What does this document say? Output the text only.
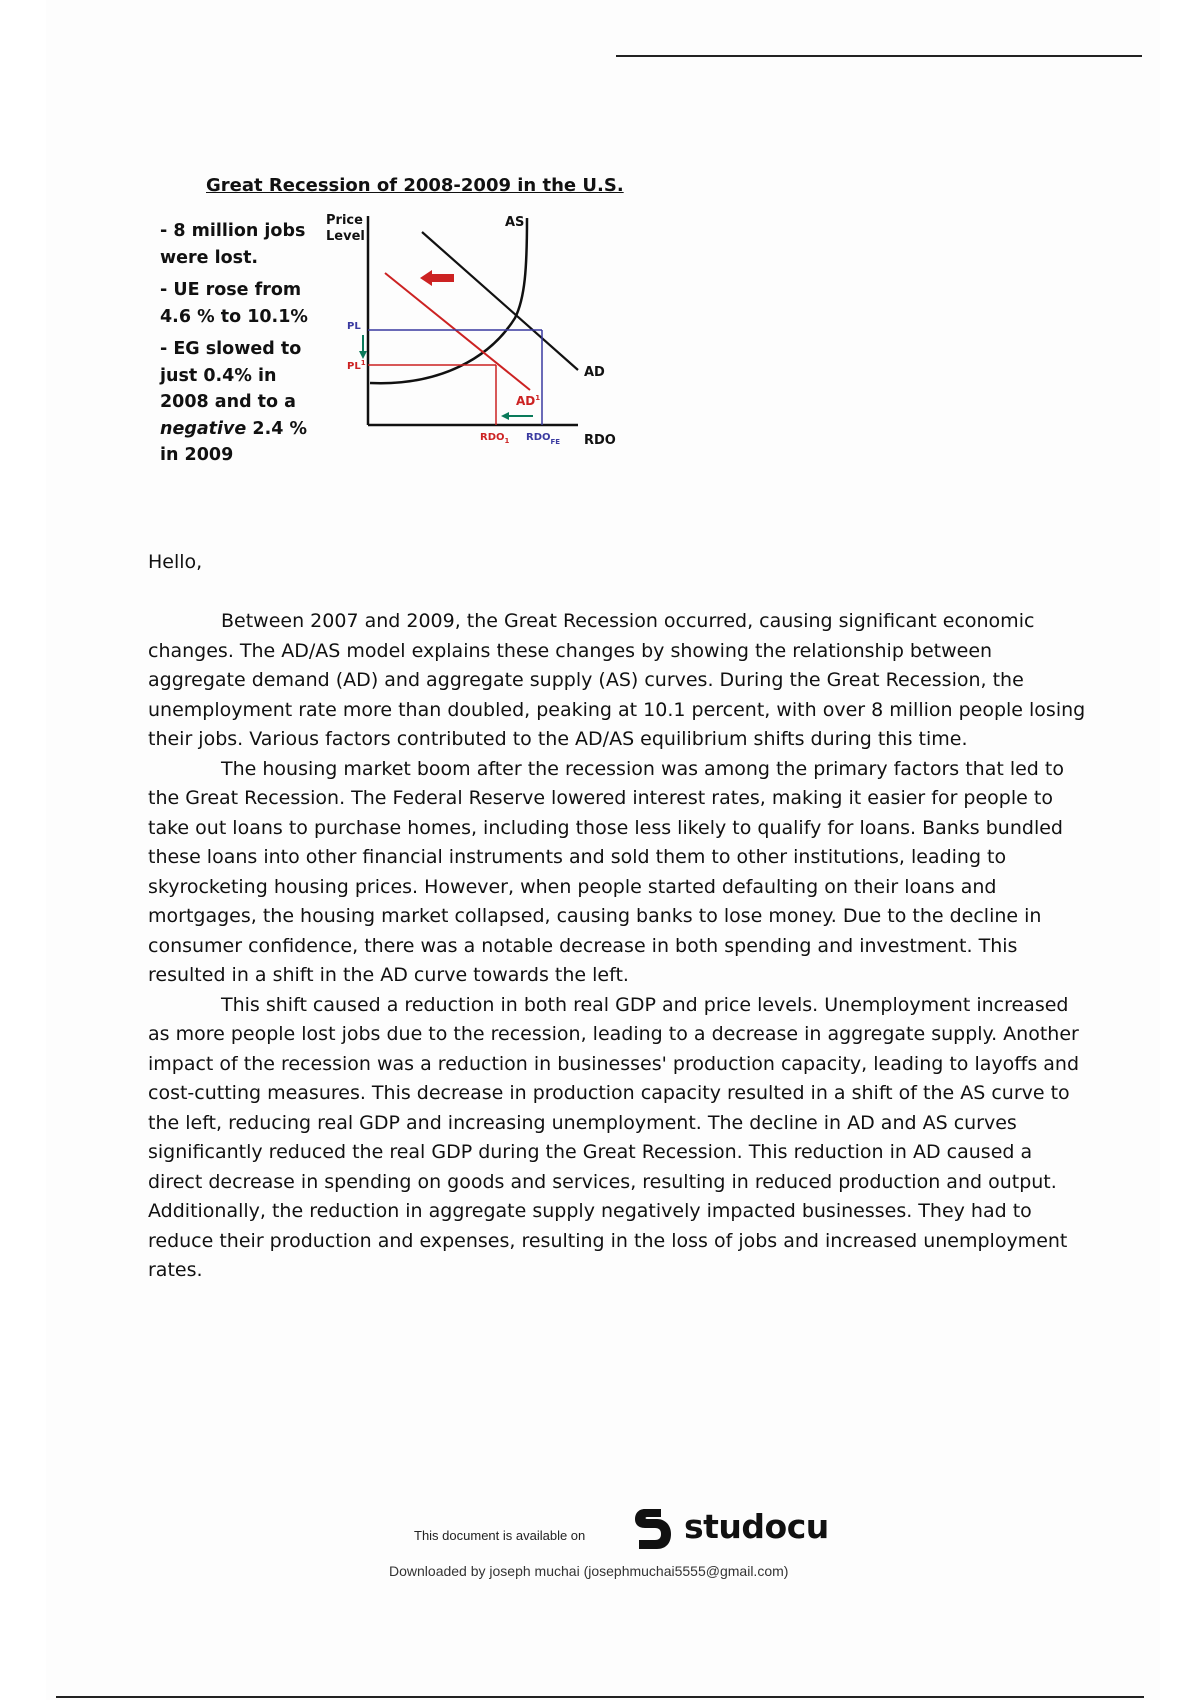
Great Recession of 2008-2009 in the U.S.

- 8 million jobs were lost.

- UE rose from 4.6 % to 10.1%

- EG slowed to just 0.4% in 2008 and to a negative 2.4 % in 2009

Price
Level
AS
AD
$AD^1$
PL
$PL^1$
$RDO_1$ $RDO_{FE}$ RDO
Hello,

Between 2007 and 2009, the Great Recession occurred, causing significant economic changes. The AD/AS model explains these changes by showing the relationship between aggregate demand (AD) and aggregate supply (AS) curves. During the Great Recession, the unemployment rate more than doubled, peaking at 10.1 percent, with over 8 million people losing their jobs. Various factors contributed to the AD/AS equilibrium shifts during this time.

The housing market boom after the recession was among the primary factors that led to the Great Recession. The Federal Reserve lowered interest rates, making it easier for people to take out loans to purchase homes, including those less likely to qualify for loans. Banks bundled these loans into other financial instruments and sold them to other institutions, leading to skyrocketing housing prices. However, when people started defaulting on their loans and mortgages, the housing market collapsed, causing banks to lose money. Due to the decline in consumer confidence, there was a notable decrease in both spending and investment. This resulted in a shift in the AD curve towards the left.

This shift caused a reduction in both real GDP and price levels. Unemployment increased as more people lost jobs due to the recession, leading to a decrease in aggregate supply. Another impact of the recession was a reduction in businesses' production capacity, leading to layoffs and cost-cutting measures. This decrease in production capacity resulted in a shift of the AS curve to the left, reducing real GDP and increasing unemployment. The decline in AD and AS curves significantly reduced the real GDP during the Great Recession. This reduction in AD caused a direct decrease in spending on goods and services, resulting in reduced production and output. Additionally, the reduction in aggregate supply negatively impacted businesses. They had to reduce their production and expenses, resulting in the loss of jobs and increased unemployment rates.

This document is available on	studocu
Downloaded by joseph muchai (josephmuchai5555@gmail.com)
